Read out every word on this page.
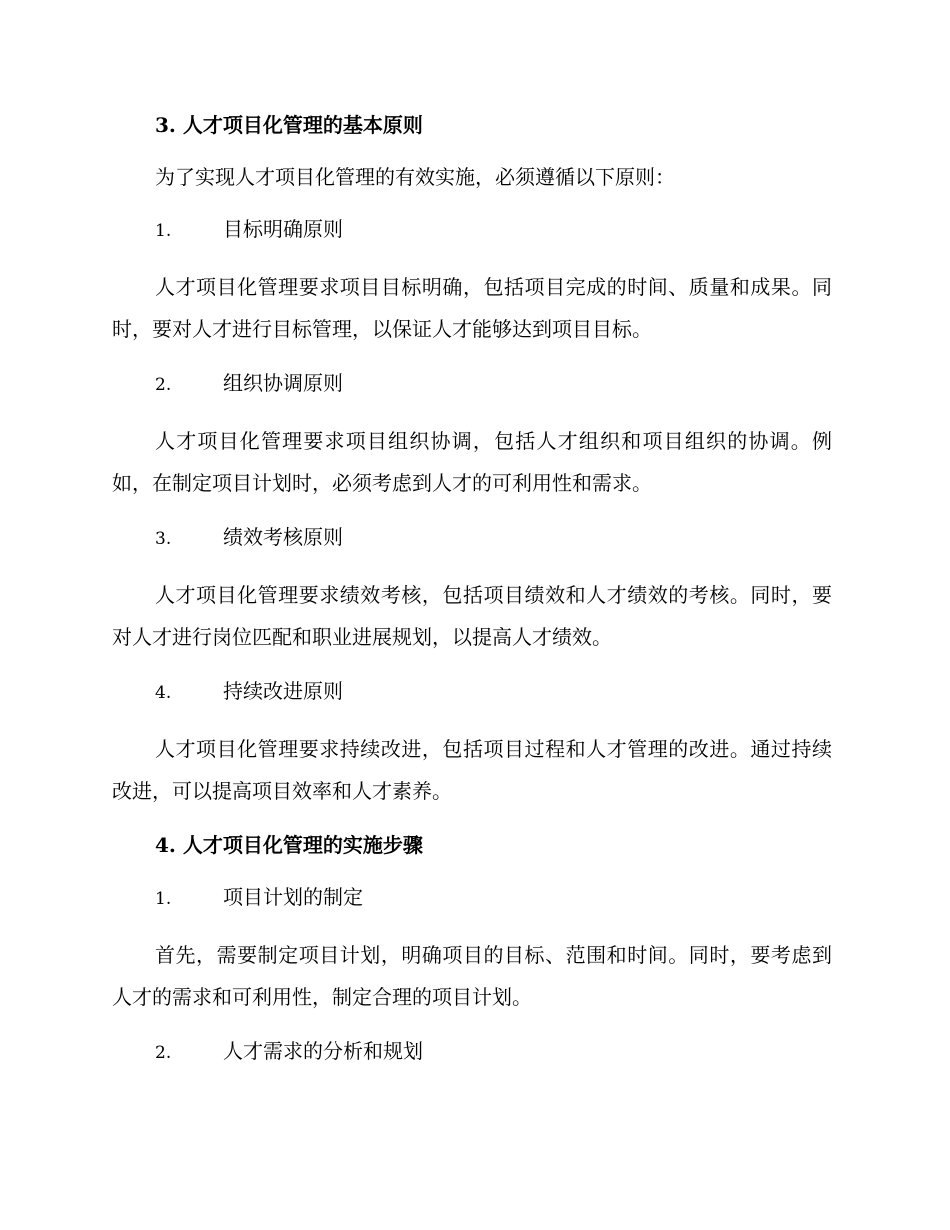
3. 人才项目化管理的基本原则
为了实现人才项目化管理的有效实施，必须遵循以下原则：
1.	目标明确原则
人才项目化管理要求项目目标明确，包括项目完成的时间、质量和成果。同时，要对人才进行目标管理，以保证人才能够达到项目目标。
2.	组织协调原则
人才项目化管理要求项目组织协调，包括人才组织和项目组织的协调。例如，在制定项目计划时，必须考虑到人才的可利用性和需求。
3.	绩效考核原则
人才项目化管理要求绩效考核，包括项目绩效和人才绩效的考核。同时，要对人才进行岗位匹配和职业进展规划，以提高人才绩效。
4.	持续改进原则
人才项目化管理要求持续改进，包括项目过程和人才管理的改进。通过持续改进，可以提高项目效率和人才素养。
4. 人才项目化管理的实施步骤
1.	项目计划的制定
首先，需要制定项目计划，明确项目的目标、范围和时间。同时，要考虑到人才的需求和可利用性，制定合理的项目计划。
2.	人才需求的分析和规划
